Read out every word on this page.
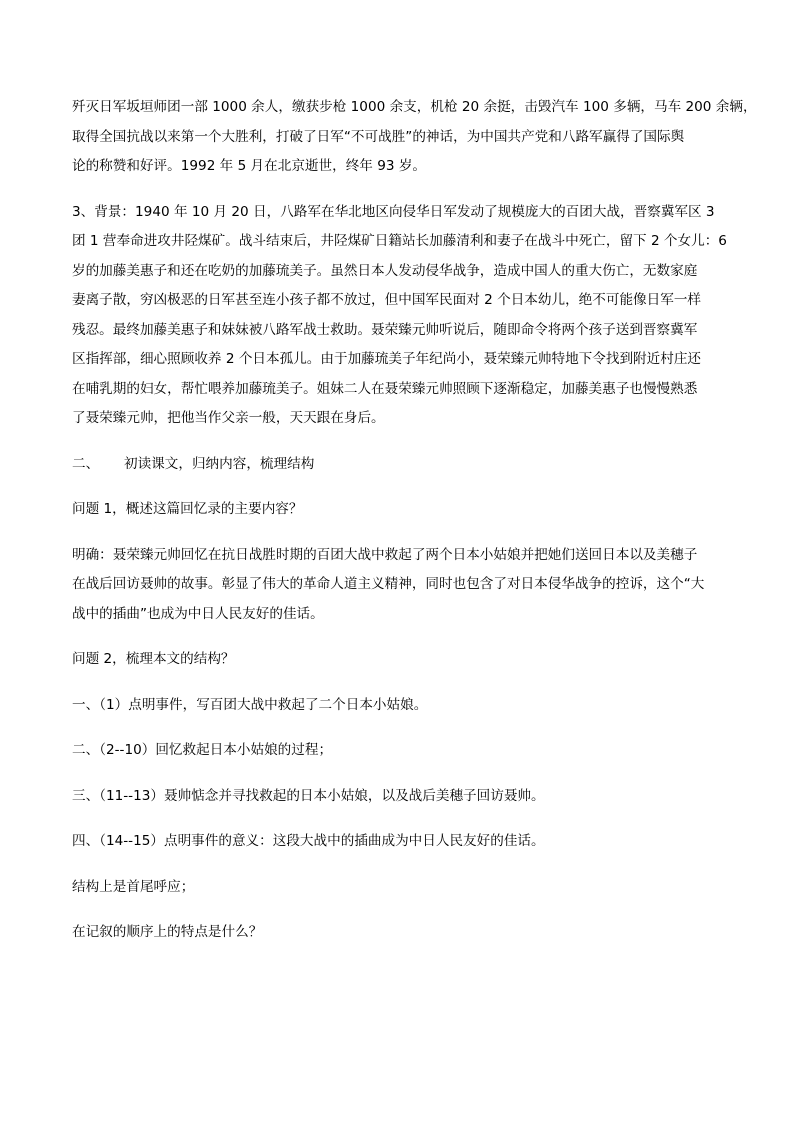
歼灭日军坂垣师团一部 1000 余人，缴获步枪 1000 余支，机枪 20 余挺，击毁汽车 100 多辆，马车 200 余辆，
取得全国抗战以来第一个大胜利，打破了日军“不可战胜”的神话，为中国共产党和八路军赢得了国际舆
论的称赞和好评。1992 年 5 月在北京逝世，终年 93 岁。
3、背景：1940 年 10 月 20 日，八路军在华北地区向侵华日军发动了规模庞大的百团大战，晋察冀军区 3
团 1 营奉命进攻井陉煤矿。战斗结束后，井陉煤矿日籍站长加藤清利和妻子在战斗中死亡，留下 2 个女儿：6
岁的加藤美惠子和还在吃奶的加藤琉美子。虽然日本人发动侵华战争，造成中国人的重大伤亡，无数家庭
妻离子散，穷凶极恶的日军甚至连小孩子都不放过，但中国军民面对 2 个日本幼儿，绝不可能像日军一样
残忍。最终加藤美惠子和妹妹被八路军战士救助。聂荣臻元帅听说后，随即命令将两个孩子送到晋察冀军
区指挥部，细心照顾收养 2 个日本孤儿。由于加藤琉美子年纪尚小，聂荣臻元帅特地下令找到附近村庄还
在哺乳期的妇女，帮忙喂养加藤琉美子。姐妹二人在聂荣臻元帅照顾下逐渐稳定，加藤美惠子也慢慢熟悉
了聂荣臻元帅，把他当作父亲一般，天天跟在身后。
二、 初读课文，归纳内容，梳理结构
问题 1，概述这篇回忆录的主要内容？
明确：聂荣臻元帅回忆在抗日战胜时期的百团大战中救起了两个日本小姑娘并把她们送回日本以及美穗子
在战后回访聂帅的故事。彰显了伟大的革命人道主义精神，同时也包含了对日本侵华战争的控诉，这个“大
战中的插曲”也成为中日人民友好的佳话。
问题 2，梳理本文的结构？
一、（1）点明事件，写百团大战中救起了二个日本小姑娘。
二、（2--10）回忆救起日本小姑娘的过程；
三、（11--13）聂帅惦念并寻找救起的日本小姑娘，以及战后美穗子回访聂帅。
四、（14--15）点明事件的意义：这段大战中的插曲成为中日人民友好的佳话。
结构上是首尾呼应；
在记叙的顺序上的特点是什么？
